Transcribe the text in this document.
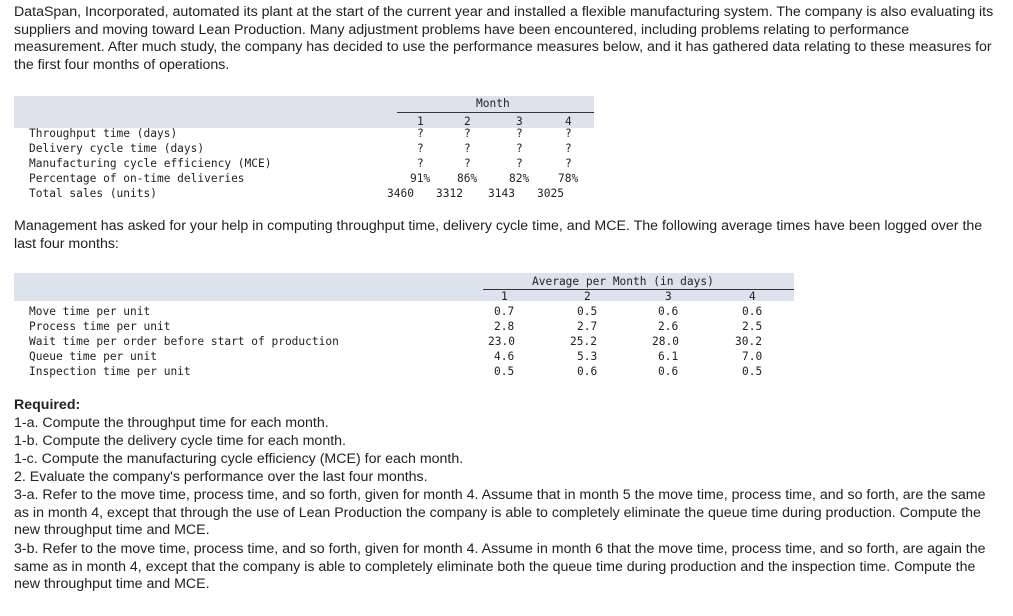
DataSpan, Incorporated, automated its plant at the start of the current year and installed a flexible manufacturing system. The company is also evaluating its suppliers and moving toward Lean Production. Many adjustment problems have been encountered, including problems relating to performance measurement. After much study, the company has decided to use the performance measures below, and it has gathered data relating to these measures for the first four months of operations.

Month
1	2	3	4
Throughput time (days)	?	?	?	?
Delivery cycle time (days)	?	?	?	?
Manufacturing cycle efficiency (MCE)	?	?	?	?
Percentage of on-time deliveries	91% 86%	82%	78%
Total sales (units)	3460 3312 3143 3025

Management has asked for your help in computing throughput time, delivery cycle time, and MCE. The following average times have been logged over the last four months:

Average per Month (in days)
1	2	3	4
Move time per unit	0.7	0.5	0.6	0.6
Process time per unit	2.8	2.7	2.6	2.5
Wait time per order before start of production	23.0	25.2	28.0	30.2
Queue time per unit	4.6	5.3	6.1	7.0
Inspection time per unit	0.5	0.6	0.6	0.5

Required:

1-a. Compute the throughput time for each month.

1-b. Compute the delivery cycle time for each month.

1-c. Compute the manufacturing cycle efficiency (MCE) for each month.

2. Evaluate the company's performance over the last four months.

3-a. Refer to the move time, process time, and so forth, given for month 4. Assume that in month 5 the move time, process time, and so forth, are the same as in month 4, except that through the use of Lean Production the company is able to completely eliminate the queue time during production. Compute the new throughput time and MCE.

3-b. Refer to the move time, process time, and so forth, given for month 4. Assume in month 6 that the move time, process time, and so forth, are again the same as in month 4, except that the company is able to completely eliminate both the queue time during production and the inspection time. Compute the new throughput time and MCE.
